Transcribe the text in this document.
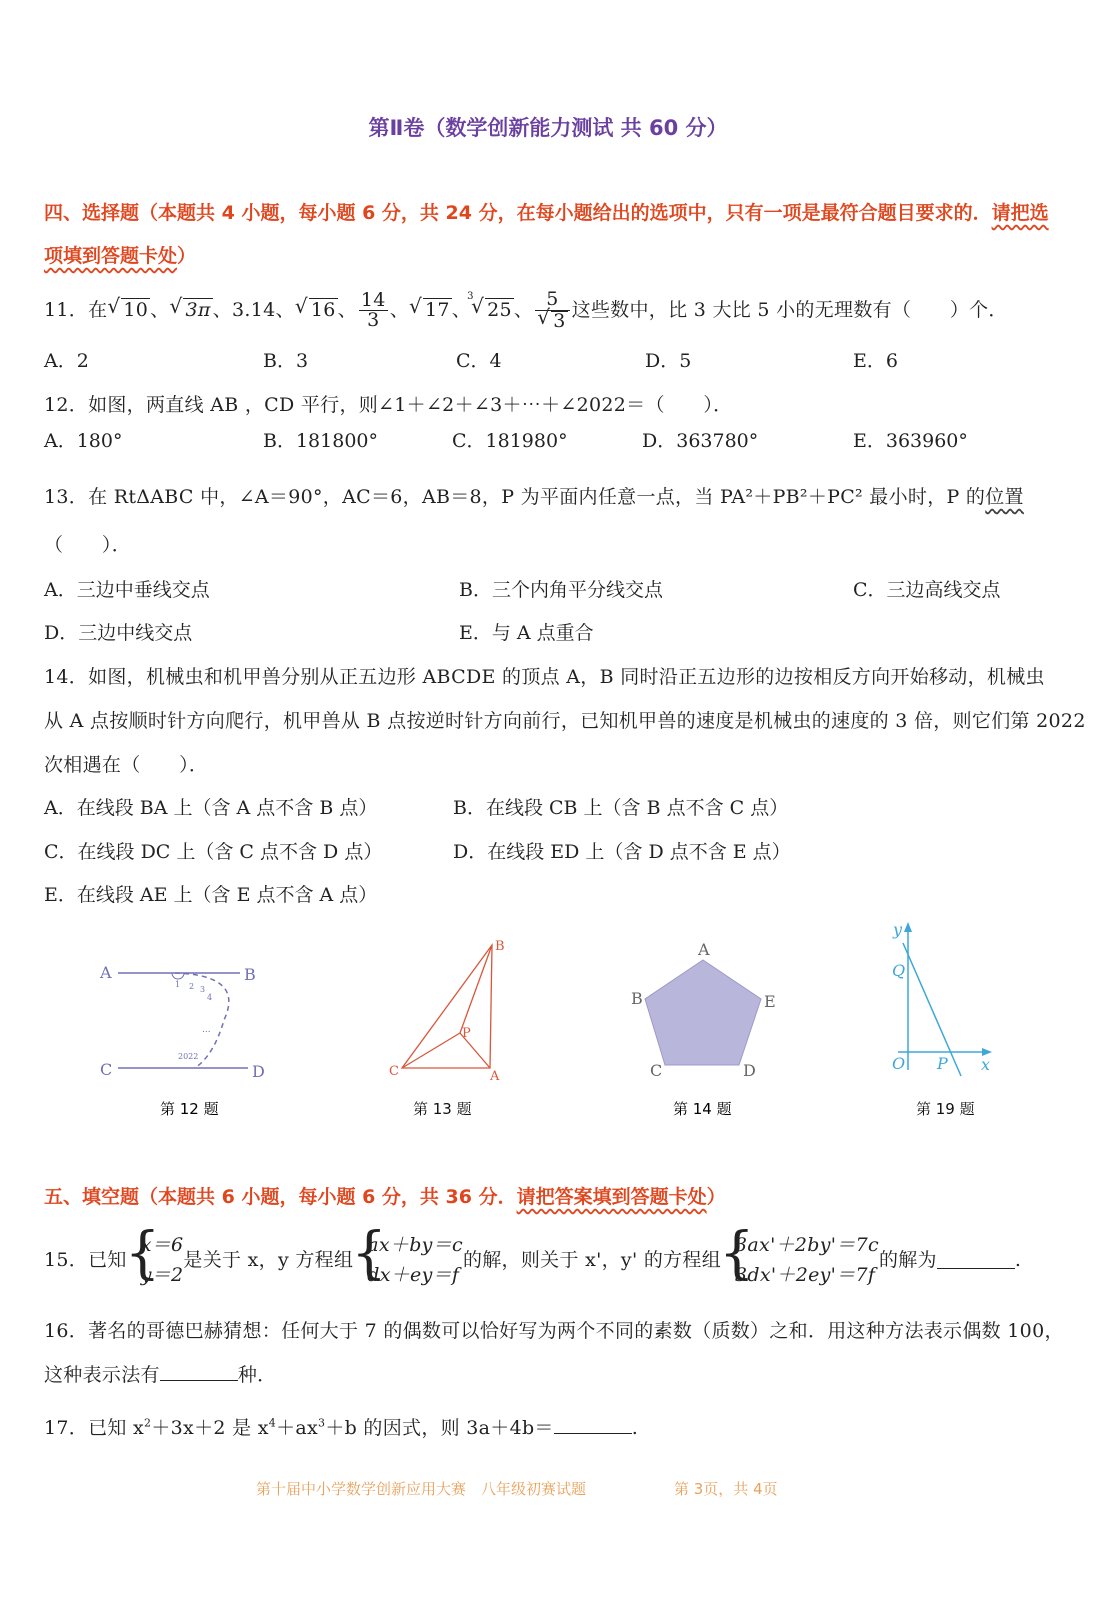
第Ⅱ卷（数学创新能力测试 共 60 分）
四、选择题（本题共 4 小题，每小题 6 分，共 24 分，在每小题给出的选项中，只有一项是最符合题目要求的．请把选
项填到答题卡处）
11．在 √ 10 、 √ 3π 、3.14、 √ 16 、 $\frac{14}{3}$ 、 √ 17 、
√ 3
25 、 5
√ 3 这些数中，比 3 大比 5 小的无理数有（　　）个．
A．2	B．3	C．4	D．5	E．6
12．如图，两直线 AB ，CD 平行，则∠1＋∠2＋∠3＋⋯＋∠2022＝（　　）．
A．180°	B．181800°	C．181980°	D．363780°	E．363960°
13．在 RtΔABC 中，∠A＝90°，AC＝6，AB＝8，P 为平面内任意一点，当 PA²＋PB²＋PC² 最小时，P 的位置
（　　）．
A．三边中垂线交点	B．三个内角平分线交点	C．三边高线交点
D．三边中线交点	E．与 A 点重合
14．如图，机械虫和机甲兽分别从正五边形 ABCDE 的顶点 A，B 同时沿正五边形的边按相反方向开始移动，机械虫
从 A 点按顺时针方向爬行，机甲兽从 B 点按逆时针方向前行，已知机甲兽的速度是机械虫的速度的 3 倍，则它们第 2022
次相遇在（　　）．
A．在线段 BA 上（含 A 点不含 B 点）	B．在线段 CB 上（含 B 点不含 C 点）
C．在线段 DC 上（含 C 点不含 D 点）	D．在线段 ED 上（含 D 点不含 E 点）
E．在线段 AE 上（含 E 点不含 A 点）
A	B
C	D
1 2 3
4
...
2022
第 12 题
B
A
C
P
第 13 题
A
B	E
C	D
第 14 题
y
x
Q
O P
第 19 题
五、填空题（本题共 6 小题，每小题 6 分，共 36 分．请把答案填到答题卡处）
15．已知
{ x＝6
y＝2
是关于 x，y 方程组
{ ax＋by＝c
dx＋ey＝f
的解，则关于 x'，y' 的方程组
{ 3ax'＋2by'＝7c
3dx'＋2ey'＝7f
的解为	.
16．著名的哥德巴赫猜想：任何大于 7 的偶数可以恰好写为两个不同的素数（质数）之和．用这种方法表示偶数 100，
这种表示法有	种．
17．已知 $x^2+3x+2$ 是 $x^4+ax^3+b$ 的因式，则 3a＋4b＝	.
第十届中小学数学创新应用大赛　八年级初赛试题	第 3页，共 4页
